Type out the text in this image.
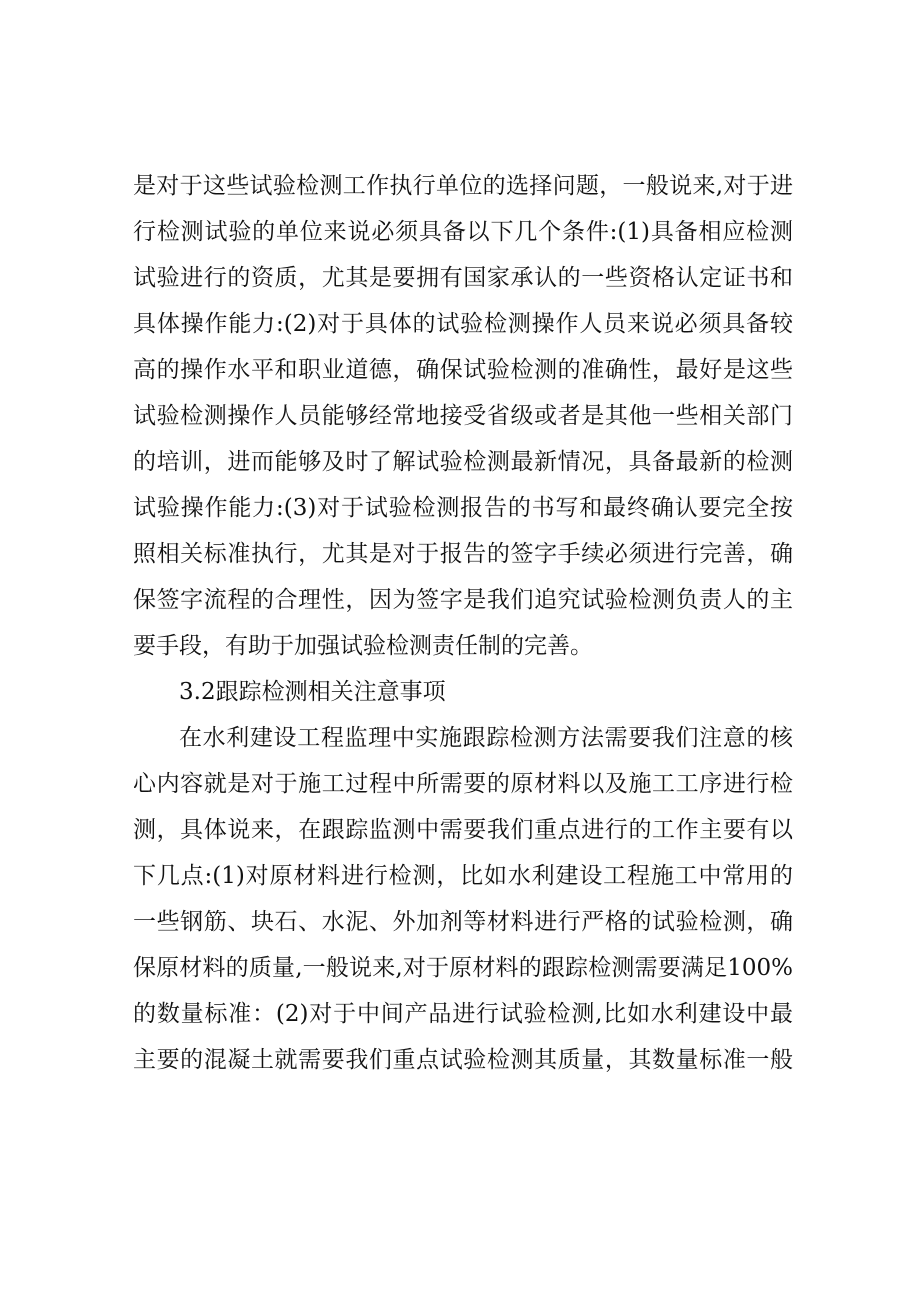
是对于这些试验检测工作执行单位的选择问题，一般说来,对于进
行检测试验的单位来说必须具备以下几个条件:(1)具备相应检测
试验进行的资质，尤其是要拥有国家承认的一些资格认定证书和
具体操作能力:(2)对于具体的试验检测操作人员来说必须具备较
高的操作水平和职业道德，确保试验检测的准确性，最好是这些
试验检测操作人员能够经常地接受省级或者是其他一些相关部门
的培训，进而能够及时了解试验检测最新情况，具备最新的检测
试验操作能力:(3)对于试验检测报告的书写和最终确认要完全按
照相关标准执行，尤其是对于报告的签字手续必须进行完善，确
保签字流程的合理性，因为签字是我们追究试验检测负责人的主
要手段，有助于加强试验检测责任制的完善。
3.2跟踪检测相关注意事项
在水利建设工程监理中实施跟踪检测方法需要我们注意的核
心内容就是对于施工过程中所需要的原材料以及施工工序进行检
测，具体说来，在跟踪监测中需要我们重点进行的工作主要有以
下几点:(1)对原材料进行检测，比如水利建设工程施工中常用的
一些钢筋、块石、水泥、外加剂等材料进行严格的试验检测，确
保原材料的质量,一般说来,对于原材料的跟踪检测需要满足100%
的数量标准：(2)对于中间产品进行试验检测,比如水利建设中最
主要的混凝土就需要我们重点试验检测其质量，其数量标准一般
